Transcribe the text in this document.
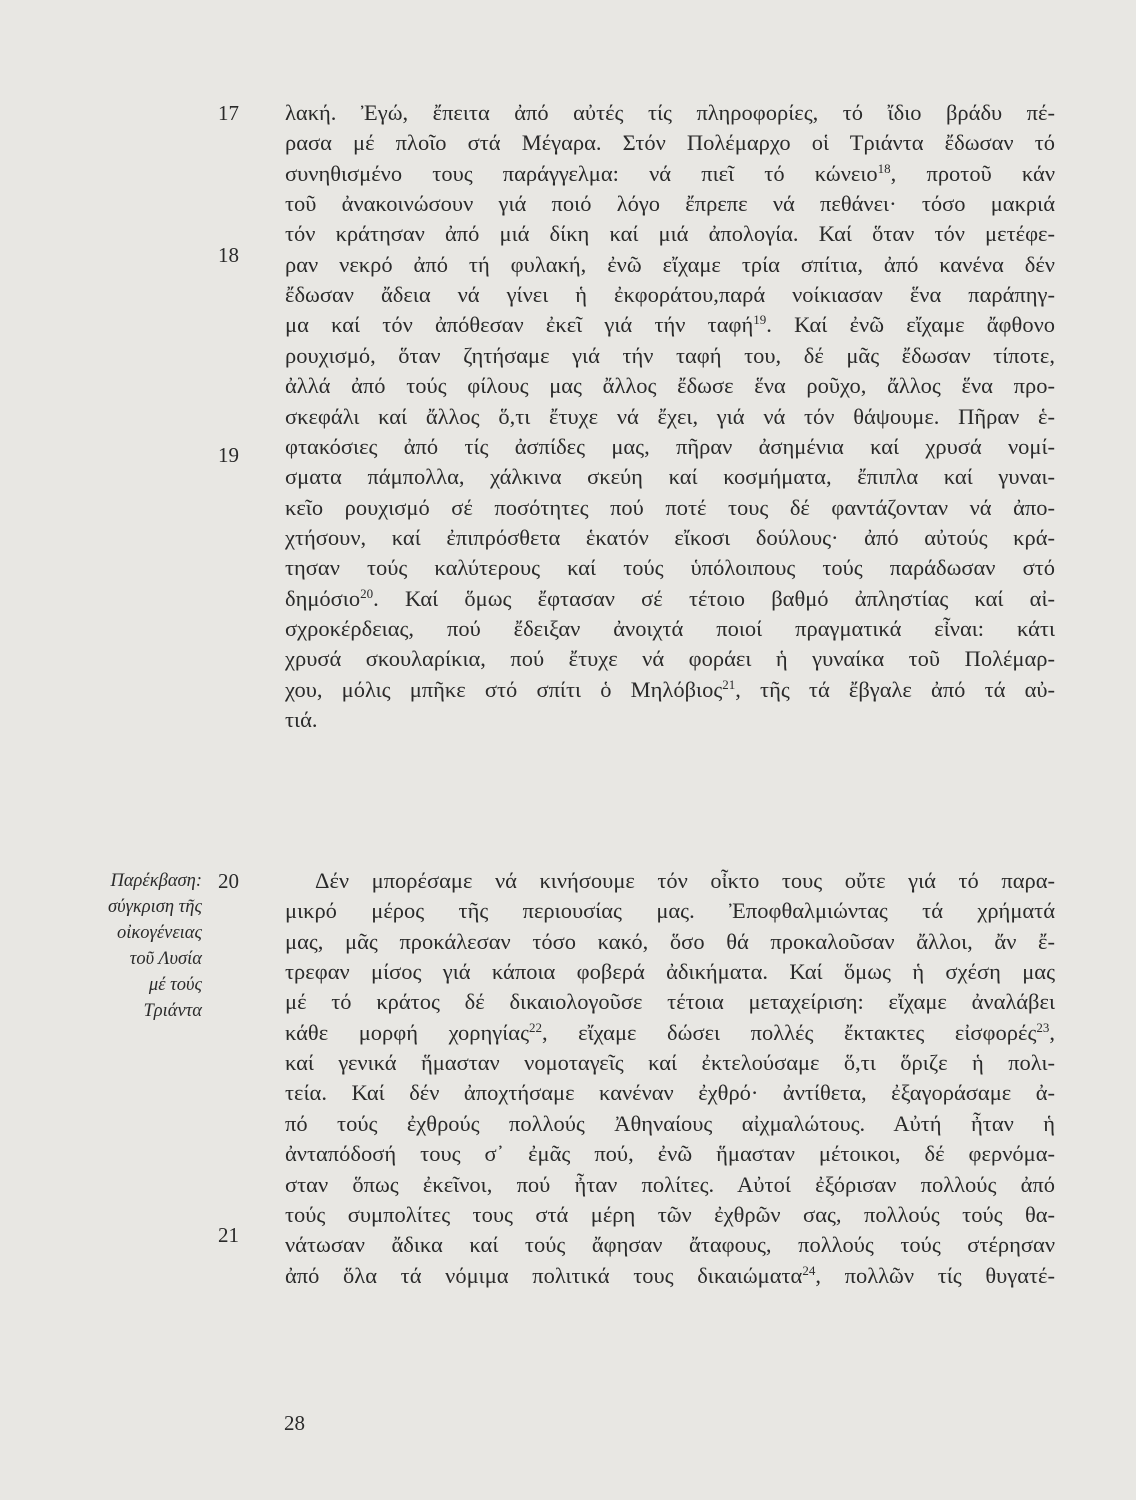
17
18
19
20
21
Παρέκβαση:
σύγκριση τῆς
οἰκογένειας
τοῦ Λυσία
μέ τούς
Τριάντα
λακή. Ἐγώ, ἔπειτα ἀπό αὐτές τίς πληροφορίες, τό ἴδιο βράδυ πέ-
ρασα μέ πλοῖο στά Μέγαρα. Στόν Πολέμαρχο οἱ Τριάντα ἔδωσαν τό
συνηθισμένο τους παράγγελμα: νά πιεῖ τό κώνειο$^{18}$, προτοῦ κάν
τοῦ ἀνακοινώσουν γιά ποιό λόγο ἔπρεπε νά πεθάνει· τόσο μακριά
τόν κράτησαν ἀπό μιά δίκη καί μιά ἀπολογία. Καί ὅταν τόν μετέφε-
ραν νεκρό ἀπό τή φυλακή, ἐνῶ εἴχαμε τρία σπίτια, ἀπό κανένα δέν
ἔδωσαν ἄδεια νά γίνει ἡ ἐκφοράτου,παρά νοίκιασαν ἕνα παράπηγ-
μα καί τόν ἀπόθεσαν ἐκεῖ γιά τήν ταφή$^{19}$. Καί ἐνῶ εἴχαμε ἄφθονο
ρουχισμό, ὅταν ζητήσαμε γιά τήν ταφή του, δέ μᾶς ἔδωσαν τίποτε,
ἀλλά ἀπό τούς φίλους μας ἄλλος ἔδωσε ἕνα ροῦχο, ἄλλος ἕνα προ-
σκεφάλι καί ἄλλος ὅ,τι ἔτυχε νά ἔχει, γιά νά τόν θάψουμε. Πῆραν ἑ-
φτακόσιες ἀπό τίς ἀσπίδες μας, πῆραν ἀσημένια καί χρυσά νομί-
σματα πάμπολλα, χάλκινα σκεύη καί κοσμήματα, ἔπιπλα καί γυναι-
κεῖο ρουχισμό σέ ποσότητες πού ποτέ τους δέ φαντάζονταν νά ἀπο-
χτήσουν, καί ἐπιπρόσθετα ἑκατόν εἴκοσι δούλους· ἀπό αὐτούς κρά-
τησαν τούς καλύτερους καί τούς ὑπόλοιπους τούς παράδωσαν στό
δημόσιο$^{20}$. Καί ὅμως ἔφτασαν σέ τέτοιο βαθμό ἀπληστίας καί αἰ-
σχροκέρδειας, πού ἔδειξαν ἀνοιχτά ποιοί πραγματικά εἶναι: κάτι
χρυσά σκουλαρίκια, πού ἔτυχε νά φοράει ἡ γυναίκα τοῦ Πολέμαρ-
χου, μόλις μπῆκε στό σπίτι ὁ Μηλόβιος$^{21}$, τῆς τά ἔβγαλε ἀπό τά αὐ-
τιά.
Δέν μπορέσαμε νά κινήσουμε τόν οἶκτο τους οὔτε γιά τό παρα-
μικρό μέρος τῆς περιουσίας μας. Ἐποφθαλμιώντας τά χρήματά
μας, μᾶς προκάλεσαν τόσο κακό, ὅσο θά προκαλοῦσαν ἄλλοι, ἄν ἔ-
τρεφαν μίσος γιά κάποια φοβερά ἀδικήματα. Καί ὅμως ἡ σχέση μας
μέ τό κράτος δέ δικαιολογοῦσε τέτοια μεταχείριση: εἴχαμε ἀναλάβει
κάθε μορφή χορηγίας$^{22}$, εἴχαμε δώσει πολλές ἔκτακτες εἰσφορές$^{23}$,
καί γενικά ἥμασταν νομοταγεῖς καί ἐκτελούσαμε ὅ,τι ὅριζε ἡ πολι-
τεία. Καί δέν ἀποχτήσαμε κανέναν ἐχθρό· ἀντίθετα, ἐξαγοράσαμε ἀ-
πό τούς ἐχθρούς πολλούς Ἀθηναίους αἰχμαλώτους. Αὐτή ἦταν ἡ
ἀνταπόδοσή τους σ᾽ ἐμᾶς πού, ἐνῶ ἥμασταν μέτοικοι, δέ φερνόμα-
σταν ὅπως ἐκεῖνοι, πού ἦταν πολίτες. Αὐτοί ἐξόρισαν πολλούς ἀπό
τούς συμπολίτες τους στά μέρη τῶν ἐχθρῶν σας, πολλούς τούς θα-
νάτωσαν ἄδικα καί τούς ἄφησαν ἄταφους, πολλούς τούς στέρησαν
ἀπό ὅλα τά νόμιμα πολιτικά τους δικαιώματα$^{24}$, πολλῶν τίς θυγατέ-
28
